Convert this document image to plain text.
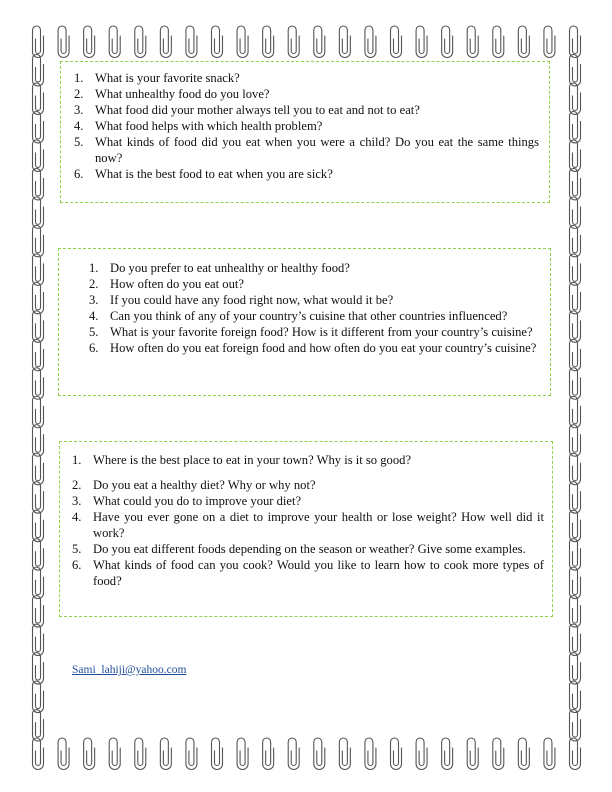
1. What is your favorite snack?
2. What unhealthy food do you love?
3. What food did your mother always tell you to eat and not to eat?
4. What food helps with which health problem?
5. What kinds of food did you eat when you were a child? Do you eat the same things now?
6. What is the best food to eat when you are sick?
1. Do you prefer to eat unhealthy or healthy food?
2. How often do you eat out?
3. If you could have any food right now, what would it be?
4. Can you think of any of your country’s cuisine that other countries influenced?
5. What is your favorite foreign food? How is it different from your country’s cuisine?
6. How often do you eat foreign food and how often do you eat your country’s cuisine?
1. Where is the best place to eat in your town? Why is it so good?
2. Do you eat a healthy diet? Why or why not?
3. What could you do to improve your diet?
4. Have you ever gone on a diet to improve your health or lose weight? How well did it work?
5. Do you eat different foods depending on the season or weather? Give some examples.
6. What kinds of food can you cook? Would you like to learn how to cook more types of food?
Sami_lahiji@yahoo.com
